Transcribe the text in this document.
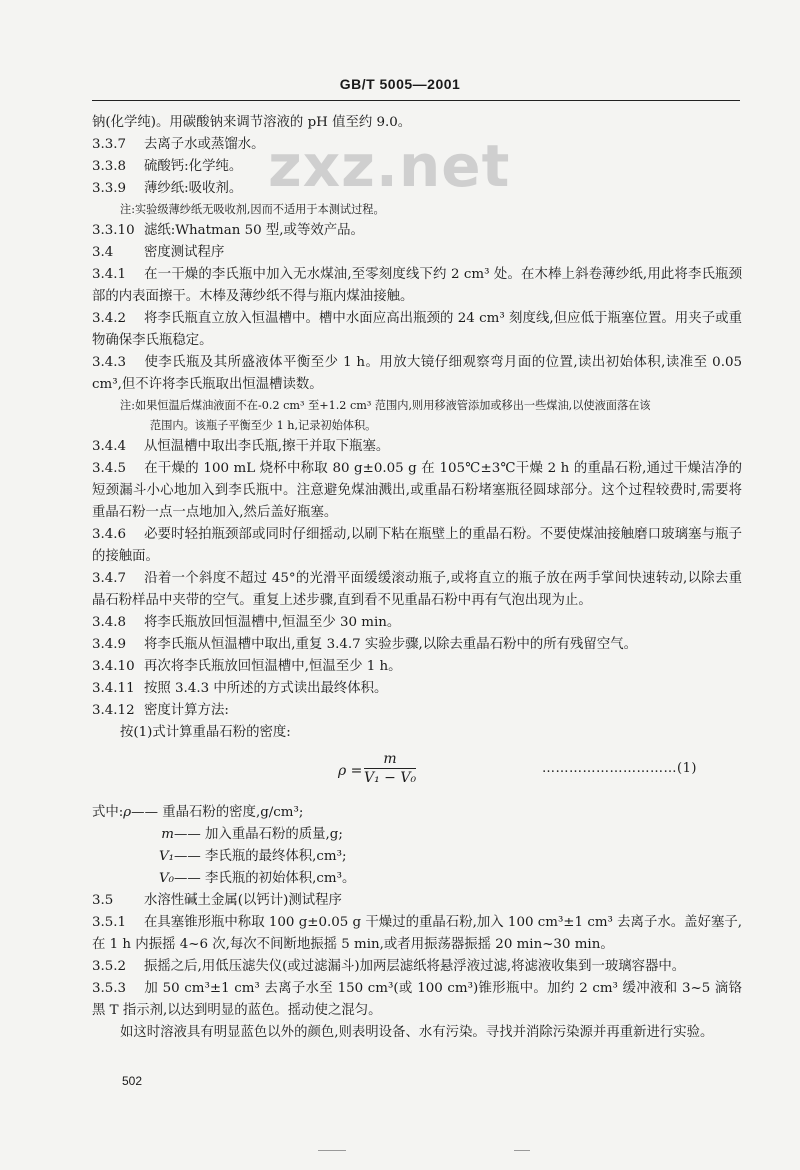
GB/T 5005—2001
zxz.net

钠(化学纯)。用碳酸钠来调节溶液的 pH 值至约 9.0。

3.3.7 去离子水或蒸馏水。

3.3.8 硫酸钙:化学纯。

3.3.9 薄纱纸:吸收剂。

注:实验级薄纱纸无吸收剂,因而不适用于本测试过程。

3.3.10 滤纸:Whatman 50 型,或等效产品。

3.4 密度测试程序

3.4.1 在一干燥的李氏瓶中加入无水煤油,至零刻度线下约 2 cm³ 处。在木棒上斜卷薄纱纸,用此将李氏瓶颈部的内表面擦干。木棒及薄纱纸不得与瓶内煤油接触。

3.4.2 将李氏瓶直立放入恒温槽中。槽中水面应高出瓶颈的 24 cm³ 刻度线,但应低于瓶塞位置。用夹子或重物确保李氏瓶稳定。

3.4.3 使李氏瓶及其所盛液体平衡至少 1 h。用放大镜仔细观察弯月面的位置,读出初始体积,读准至 0.05 cm³,但不许将李氏瓶取出恒温槽读数。

注:如果恒温后煤油液面不在-0.2 cm³ 至+1.2 cm³ 范围内,则用移液管添加或移出一些煤油,以使液面落在该

范围内。该瓶子平衡至少 1 h,记录初始体积。

3.4.4 从恒温槽中取出李氏瓶,擦干并取下瓶塞。

3.4.5 在干燥的 100 mL 烧杯中称取 80 g±0.05 g 在 105℃±3℃干燥 2 h 的重晶石粉,通过干燥洁净的短颈漏斗小心地加入到李氏瓶中。注意避免煤油溅出,或重晶石粉堵塞瓶径圆球部分。这个过程较费时,需要将重晶石粉一点一点地加入,然后盖好瓶塞。

3.4.6 必要时轻拍瓶颈部或同时仔细摇动,以刷下粘在瓶壁上的重晶石粉。不要使煤油接触磨口玻璃塞与瓶子的接触面。

3.4.7 沿着一个斜度不超过 45°的光滑平面缓缓滚动瓶子,或将直立的瓶子放在两手掌间快速转动,以除去重晶石粉样品中夹带的空气。重复上述步骤,直到看不见重晶石粉中再有气泡出现为止。

3.4.8 将李氏瓶放回恒温槽中,恒温至少 30 min。

3.4.9 将李氏瓶从恒温槽中取出,重复 3.4.7 实验步骤,以除去重晶石粉中的所有残留空气。

3.4.10 再次将李氏瓶放回恒温槽中,恒温至少 1 h。

3.4.11 按照 3.4.3 中所述的方式读出最终体积。

3.4.12 密度计算方法:

按(1)式计算重晶石粉的密度:

ρ =
m
V₁ − V₀
…………………………(1)

式中:ρ—— 重晶石粉的密度,g/cm³;

m—— 加入重晶石粉的质量,g;

V₁—— 李氏瓶的最终体积,cm³;

V₀—— 李氏瓶的初始体积,cm³。

3.5 水溶性碱土金属(以钙计)测试程序

3.5.1 在具塞锥形瓶中称取 100 g±0.05 g 干燥过的重晶石粉,加入 100 cm³±1 cm³ 去离子水。盖好塞子,在 1 h 内振摇 4~6 次,每次不间断地振摇 5 min,或者用振荡器振摇 20 min~30 min。

3.5.2 振摇之后,用低压滤失仪(或过滤漏斗)加两层滤纸将悬浮液过滤,将滤液收集到一玻璃容器中。

3.5.3 加 50 cm³±1 cm³ 去离子水至 150 cm³(或 100 cm³)锥形瓶中。加约 2 cm³ 缓冲液和 3~5 滴铬黑 T 指示剂,以达到明显的蓝色。摇动使之混匀。

如这时溶液具有明显蓝色以外的颜色,则表明设备、水有污染。寻找并消除污染源并再重新进行实验。

502
